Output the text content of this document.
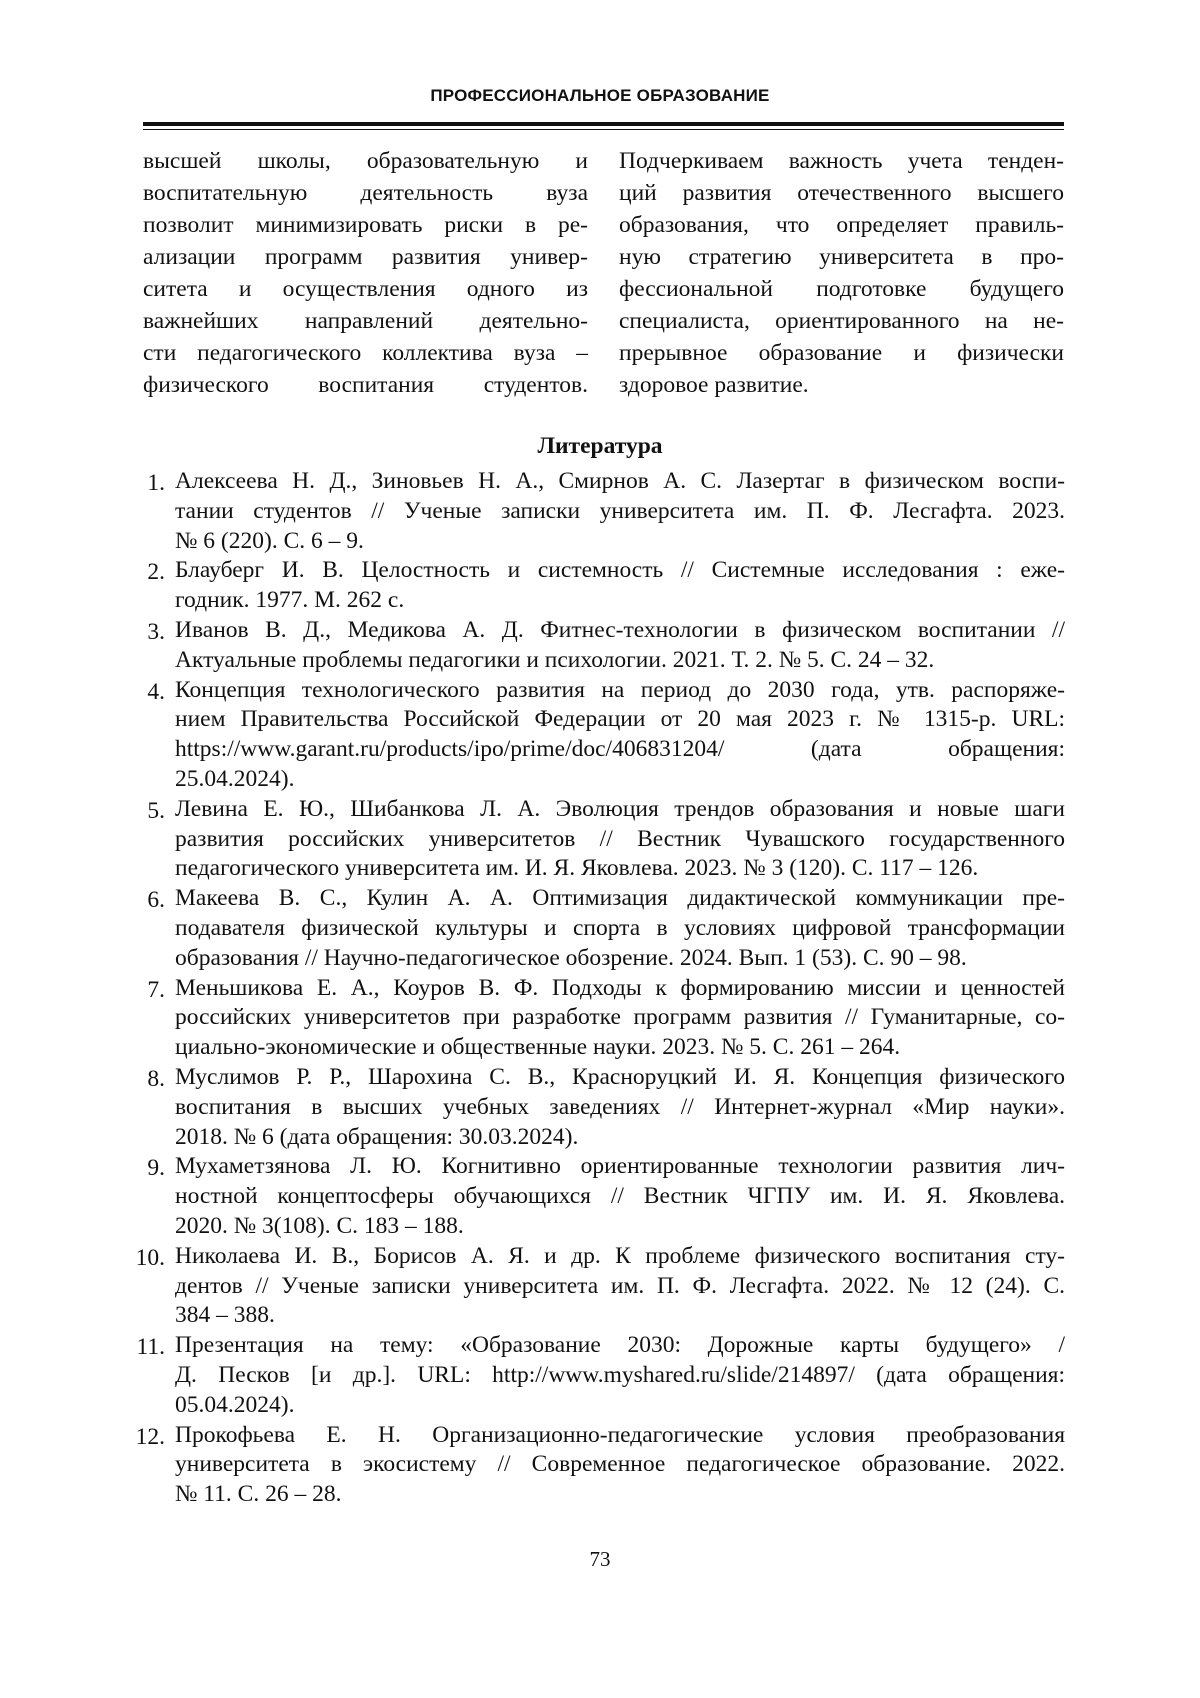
ПРОФЕССИОНАЛЬНОЕ ОБРАЗОВАНИЕ
высшей школы, образовательную и
воспитательную деятельность вуза
позволит минимизировать риски в ре-
ализации программ развития универ-
ситета и осуществления одного из
важнейших направлений деятельно-
сти педагогического коллектива вуза –
физического воспитания студентов.
Подчеркиваем важность учета тенден-
ций развития отечественного высшего
образования, что определяет правиль-
ную стратегию университета в про-
фессиональной подготовке будущего
специалиста, ориентированного на не-
прерывное образование и физически
здоровое развитие.
Литература
1. Алексеева Н. Д., Зиновьев Н. А., Смирнов А. С. Лазертаг в физическом воспи-
тании студентов // Ученые записки университета им. П. Ф. Лесгафта. 2023.
№ 6 (220). С. 6 – 9.
2. Блауберг И. В. Целостность и системность // Системные исследования : еже-
годник. 1977. М. 262 с.
3. Иванов В. Д., Медикова А. Д. Фитнес-технологии в физическом воспитании //
Актуальные проблемы педагогики и психологии. 2021. Т. 2. № 5. С. 24 – 32.
4. Концепция технологического развития на период до 2030 года, утв. распоряже-
нием Правительства Российской Федерации от 20 мая 2023 г. № 1315-р. URL:
https://www.garant.ru/products/ipo/prime/doc/406831204/ (дата обращения:
25.04.2024).
5. Левина Е. Ю., Шибанкова Л. А. Эволюция трендов образования и новые шаги
развития российских университетов // Вестник Чувашского государственного
педагогического университета им. И. Я. Яковлева. 2023. № 3 (120). С. 117 – 126.
6. Макеева В. С., Кулин А. А. Оптимизация дидактической коммуникации пре-
подавателя физической культуры и спорта в условиях цифровой трансформации
образования // Научно-педагогическое обозрение. 2024. Вып. 1 (53). С. 90 – 98.
7. Меньшикова Е. А., Коуров В. Ф. Подходы к формированию миссии и ценностей
российских университетов при разработке программ развития // Гуманитарные, со-
циально-экономические и общественные науки. 2023. № 5. С. 261 – 264.
8. Муслимов Р. Р., Шарохина С. В., Красноруцкий И. Я. Концепция физического
воспитания в высших учебных заведениях // Интернет-журнал «Мир науки».
2018. № 6 (дата обращения: 30.03.2024).
9. Мухаметзянова Л. Ю. Когнитивно ориентированные технологии развития лич-
ностной концептосферы обучающихся // Вестник ЧГПУ им. И. Я. Яковлева.
2020. № 3(108). С. 183 – 188.
10. Николаева И. В., Борисов А. Я. и др. К проблеме физического воспитания сту-
дентов // Ученые записки университета им. П. Ф. Лесгафта. 2022. № 12 (24). С.
384 – 388.
11. Презентация на тему: «Образование 2030: Дорожные карты будущего» /
Д. Песков [и др.]. URL: http://www.myshared.ru/slide/214897/ (дата обращения:
05.04.2024).
12. Прокофьева Е. Н. Организационно-педагогические условия преобразования
университета в экосистему // Современное педагогическое образование. 2022.
№ 11. С. 26 – 28.
73
